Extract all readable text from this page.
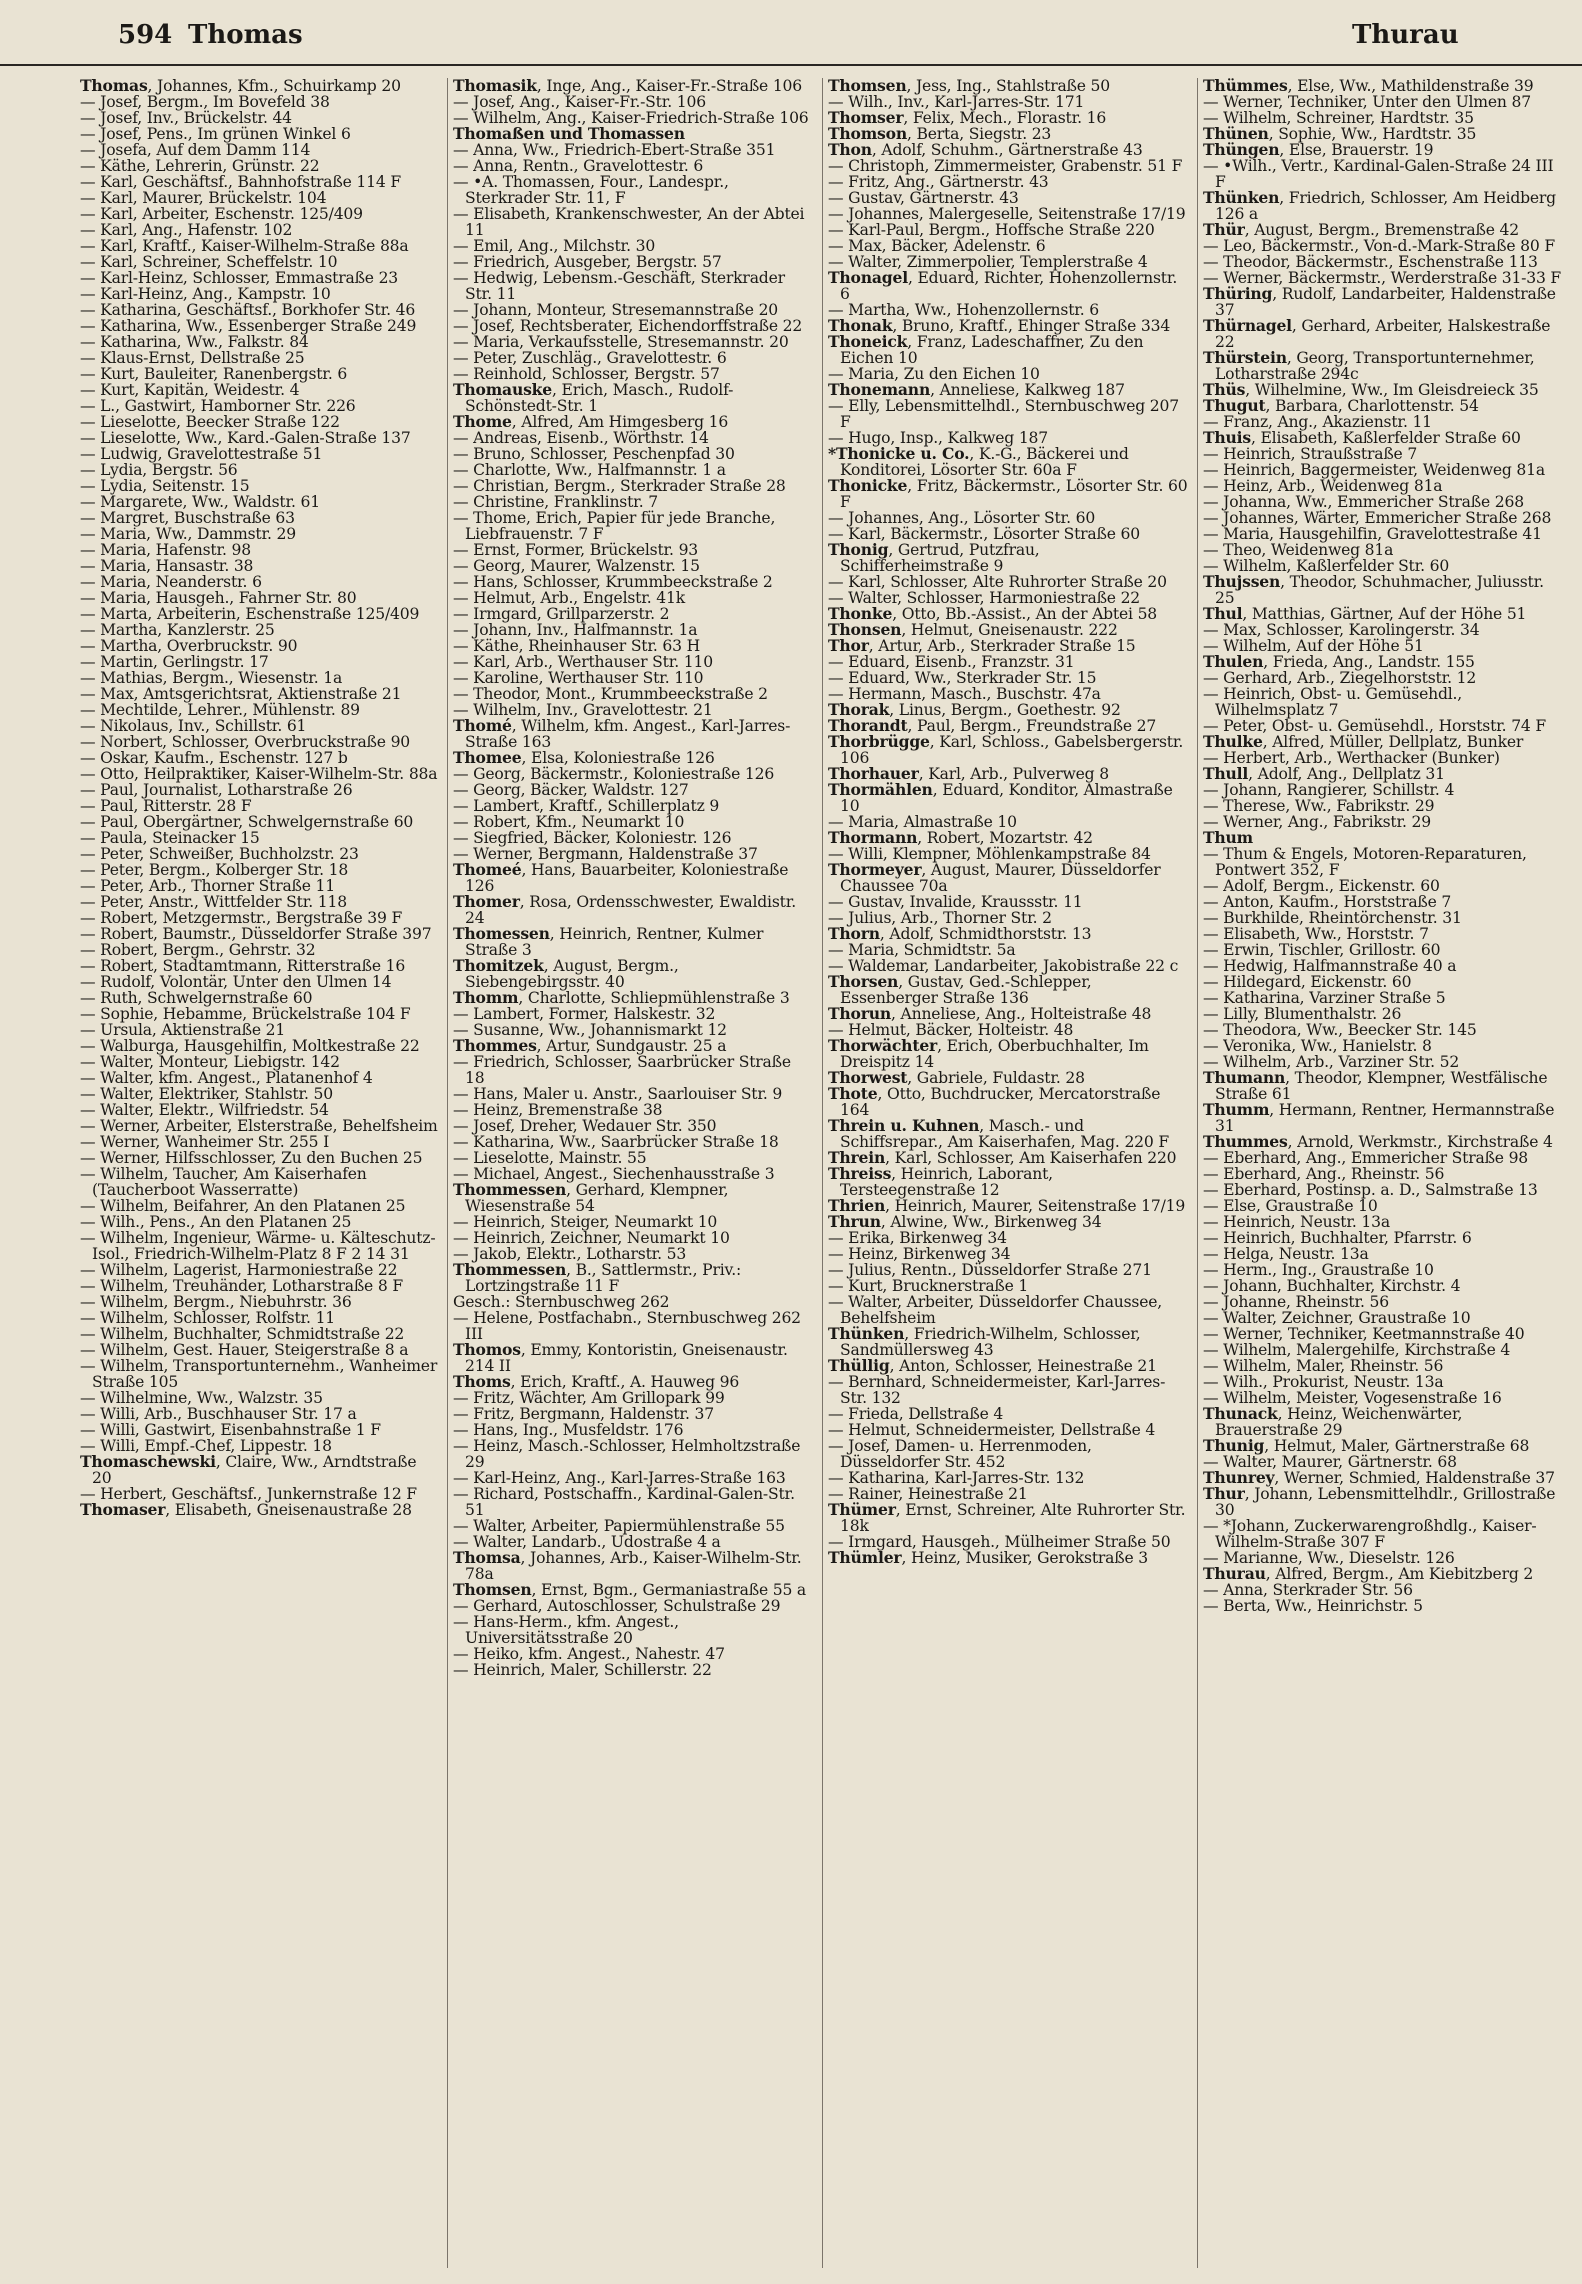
594 Thomas	Thurau
Thomas, Johannes, Kfm., Schuirkamp 20
— Josef, Bergm., Im Bovefeld 38
— Josef, Inv., Brückelstr. 44
— Josef, Pens., Im grünen Winkel 6
— Josefa, Auf dem Damm 114
— Käthe, Lehrerin, Grünstr. 22
— Karl, Geschäftsf., Bahnhofstraße 114 F
— Karl, Maurer, Brückelstr. 104
— Karl, Arbeiter, Eschenstr. 125/409
— Karl, Ang., Hafenstr. 102
— Karl, Kraftf., Kaiser-Wilhelm-Straße 88a
— Karl, Schreiner, Scheffelstr. 10
— Karl-Heinz, Schlosser, Emmastraße 23
— Karl-Heinz, Ang., Kampstr. 10
— Katharina, Geschäftsf., Borkhofer Str. 46
— Katharina, Ww., Essenberger Straße 249
— Katharina, Ww., Falkstr. 84
— Klaus-Ernst, Dellstraße 25
— Kurt, Bauleiter, Ranenbergstr. 6
— Kurt, Kapitän, Weidestr. 4
— L., Gastwirt, Hamborner Str. 226
— Lieselotte, Beecker Straße 122
— Lieselotte, Ww., Kard.-Galen-Straße 137
— Ludwig, Gravelottestraße 51
— Lydia, Bergstr. 56
— Lydia, Seitenstr. 15
— Margarete, Ww., Waldstr. 61
— Margret, Buschstraße 63
— Maria, Ww., Dammstr. 29
— Maria, Hafenstr. 98
— Maria, Hansastr. 38
— Maria, Neanderstr. 6
— Maria, Hausgeh., Fahrner Str. 80
— Marta, Arbeiterin, Eschenstraße 125/409
— Martha, Kanzlerstr. 25
— Martha, Overbruckstr. 90
— Martin, Gerlingstr. 17
— Mathias, Bergm., Wiesenstr. 1a
— Max, Amtsgerichtsrat, Aktienstraße 21
— Mechtilde, Lehrer., Mühlenstr. 89
— Nikolaus, Inv., Schillstr. 61
— Norbert, Schlosser, Overbruckstraße 90
— Oskar, Kaufm., Eschenstr. 127 b
— Otto, Heilpraktiker, Kaiser-Wilhelm-Str. 88a
— Paul, Journalist, Lotharstraße 26
— Paul, Ritterstr. 28 F
— Paul, Obergärtner, Schwelgernstraße 60
— Paula, Steinacker 15
— Peter, Schweißer, Buchholzstr. 23
— Peter, Bergm., Kolberger Str. 18
— Peter, Arb., Thorner Straße 11
— Peter, Anstr., Wittfelder Str. 118
— Robert, Metzgermstr., Bergstraße 39 F
— Robert, Baumstr., Düsseldorfer Straße 397
— Robert, Bergm., Gehrstr. 32
— Robert, Stadtamtmann, Ritterstraße 16
— Rudolf, Volontär, Unter den Ulmen 14
— Ruth, Schwelgernstraße 60
— Sophie, Hebamme, Brückelstraße 104 F
— Ursula, Aktienstraße 21
— Walburga, Hausgehilfin, Moltkestraße 22
— Walter, Monteur, Liebigstr. 142
— Walter, kfm. Angest., Platanenhof 4
— Walter, Elektriker, Stahlstr. 50
— Walter, Elektr., Wilfriedstr. 54
— Werner, Arbeiter, Elsterstraße, Behelfsheim
— Werner, Wanheimer Str. 255 I
— Werner, Hilfsschlosser, Zu den Buchen 25
— Wilhelm, Taucher, Am Kaiserhafen (Taucherboot Wasserratte)
— Wilhelm, Beifahrer, An den Platanen 25
— Wilh., Pens., An den Platanen 25
— Wilhelm, Ingenieur, Wärme- u. Kälteschutz-Isol., Friedrich-Wilhelm-Platz 8 F 2 14 31
— Wilhelm, Lagerist, Harmoniestraße 22
— Wilhelm, Treuhänder, Lotharstraße 8 F
— Wilhelm, Bergm., Niebuhrstr. 36
— Wilhelm, Schlosser, Rolfstr. 11
— Wilhelm, Buchhalter, Schmidtstraße 22
— Wilhelm, Gest. Hauer, Steigerstraße 8 a
— Wilhelm, Transportunternehm., Wanheimer Straße 105
— Wilhelmine, Ww., Walzstr. 35
— Willi, Arb., Buschhauser Str. 17 a
— Willi, Gastwirt, Eisenbahnstraße 1 F
— Willi, Empf.-Chef, Lippestr. 18
Thomaschewski, Claire, Ww., Arndtstraße 20
— Herbert, Geschäftsf., Junkernstraße 12 F
Thomaser, Elisabeth, Gneisenaustraße 28
Thomasik, Inge, Ang., Kaiser-Fr.-Straße 106
— Josef, Ang., Kaiser-Fr.-Str. 106
— Wilhelm, Ang., Kaiser-Friedrich-Straße 106
Thomaßen und Thomassen
— Anna, Ww., Friedrich-Ebert-Straße 351
— Anna, Rentn., Gravelottestr. 6
— •A. Thomassen, Four., Landespr., Sterkrader Str. 11, F
— Elisabeth, Krankenschwester, An der Abtei 11
— Emil, Ang., Milchstr. 30
— Friedrich, Ausgeber, Bergstr. 57
— Hedwig, Lebensm.-Geschäft, Sterkrader Str. 11
— Johann, Monteur, Stresemannstraße 20
— Josef, Rechtsberater, Eichendorffstraße 22
— Maria, Verkaufsstelle, Stresemannstr. 20
— Peter, Zuschläg., Gravelottestr. 6
— Reinhold, Schlosser, Bergstr. 57
Thomauske, Erich, Masch., Rudolf-Schönstedt-Str. 1
Thome, Alfred, Am Himgesberg 16
— Andreas, Eisenb., Wörthstr. 14
— Bruno, Schlosser, Peschenpfad 30
— Charlotte, Ww., Halfmannstr. 1 a
— Christian, Bergm., Sterkrader Straße 28
— Christine, Franklinstr. 7
— Thome, Erich, Papier für jede Branche, Liebfrauenstr. 7 F
— Ernst, Former, Brückelstr. 93
— Georg, Maurer, Walzenstr. 15
— Hans, Schlosser, Krummbeeckstraße 2
— Helmut, Arb., Engelstr. 41k
— Irmgard, Grillparzerstr. 2
— Johann, Inv., Halfmannstr. 1a
— Käthe, Rheinhauser Str. 63 H
— Karl, Arb., Werthauser Str. 110
— Karoline, Werthauser Str. 110
— Theodor, Mont., Krummbeeckstraße 2
— Wilhelm, Inv., Gravelottestr. 21
Thomé, Wilhelm, kfm. Angest., Karl-Jarres-Straße 163
Thomee, Elsa, Koloniestraße 126
— Georg, Bäckermstr., Koloniestraße 126
— Georg, Bäcker, Waldstr. 127
— Lambert, Kraftf., Schillerplatz 9
— Robert, Kfm., Neumarkt 10
— Siegfried, Bäcker, Koloniestr. 126
— Werner, Bergmann, Haldenstraße 37
Thomeé, Hans, Bauarbeiter, Koloniestraße 126
Thomer, Rosa, Ordensschwester, Ewaldistr. 24
Thomessen, Heinrich, Rentner, Kulmer Straße 3
Thomitzek, August, Bergm., Siebengebirgsstr. 40
Thomm, Charlotte, Schliepmühlenstraße 3
— Lambert, Former, Halskestr. 32
— Susanne, Ww., Johannismarkt 12
Thommes, Artur, Sundgaustr. 25 a
— Friedrich, Schlosser, Saarbrücker Straße 18
— Hans, Maler u. Anstr., Saarlouiser Str. 9
— Heinz, Bremenstraße 38
— Josef, Dreher, Wedauer Str. 350
— Katharina, Ww., Saarbrücker Straße 18
— Lieselotte, Mainstr. 55
— Michael, Angest., Siechenhausstraße 3
Thommessen, Gerhard, Klempner, Wiesenstraße 54
— Heinrich, Steiger, Neumarkt 10
— Heinrich, Zeichner, Neumarkt 10
— Jakob, Elektr., Lotharstr. 53
Thommessen, B., Sattlermstr., Priv.: Lortzingstraße 11 F
Gesch.: Sternbuschweg 262
— Helene, Postfachabn., Sternbuschweg 262 III
Thomos, Emmy, Kontoristin, Gneisenaustr. 214 II
Thoms, Erich, Kraftf., A. Hauweg 96
— Fritz, Wächter, Am Grillopark 99
— Fritz, Bergmann, Haldenstr. 37
— Hans, Ing., Musfeldstr. 176
— Heinz, Masch.-Schlosser, Helmholtzstraße 29
— Karl-Heinz, Ang., Karl-Jarres-Straße 163
— Richard, Postschaffn., Kardinal-Galen-Str. 51
— Walter, Arbeiter, Papiermühlenstraße 55
— Walter, Landarb., Udostraße 4 a
Thomsa, Johannes, Arb., Kaiser-Wilhelm-Str. 78a
Thomsen, Ernst, Bgm., Germaniastraße 55 a
— Gerhard, Autoschlosser, Schulstraße 29
— Hans-Herm., kfm. Angest., Universitätsstraße 20
— Heiko, kfm. Angest., Nahestr. 47
— Heinrich, Maler, Schillerstr. 22
Thomsen, Jess, Ing., Stahlstraße 50
— Wilh., Inv., Karl-Jarres-Str. 171
Thomser, Felix, Mech., Florastr. 16
Thomson, Berta, Siegstr. 23
Thon, Adolf, Schuhm., Gärtnerstraße 43
— Christoph, Zimmermeister, Grabenstr. 51 F
— Fritz, Ang., Gärtnerstr. 43
— Gustav, Gärtnerstr. 43
— Johannes, Malergeselle, Seitenstraße 17/19
— Karl-Paul, Bergm., Hoffsche Straße 220
— Max, Bäcker, Adelenstr. 6
— Walter, Zimmerpolier, Templerstraße 4
Thonagel, Eduard, Richter, Hohenzollernstr. 6
— Martha, Ww., Hohenzollernstr. 6
Thonak, Bruno, Kraftf., Ehinger Straße 334
Thoneick, Franz, Ladeschaffner, Zu den Eichen 10
— Maria, Zu den Eichen 10
Thonemann, Anneliese, Kalkweg 187
— Elly, Lebensmittelhdl., Sternbuschweg 207 F
— Hugo, Insp., Kalkweg 187
*Thonicke u. Co., K.-G., Bäckerei und Konditorei, Lösorter Str. 60a F
Thonicke, Fritz, Bäckermstr., Lösorter Str. 60 F
— Johannes, Ang., Lösorter Str. 60
— Karl, Bäckermstr., Lösorter Straße 60
Thonig, Gertrud, Putzfrau, Schifferheimstraße 9
— Karl, Schlosser, Alte Ruhrorter Straße 20
— Walter, Schlosser, Harmoniestraße 22
Thonke, Otto, Bb.-Assist., An der Abtei 58
Thonsen, Helmut, Gneisenaustr. 222
Thor, Artur, Arb., Sterkrader Straße 15
— Eduard, Eisenb., Franzstr. 31
— Eduard, Ww., Sterkrader Str. 15
— Hermann, Masch., Buschstr. 47a
Thorak, Linus, Bergm., Goethestr. 92
Thorandt, Paul, Bergm., Freundstraße 27
Thorbrügge, Karl, Schloss., Gabelsbergerstr. 106
Thorhauer, Karl, Arb., Pulverweg 8
Thormählen, Eduard, Konditor, Almastraße 10
— Maria, Almastraße 10
Thormann, Robert, Mozartstr. 42
— Willi, Klempner, Möhlenkampstraße 84
Thormeyer, August, Maurer, Düsseldorfer Chaussee 70a
— Gustav, Invalide, Kraussstr. 11
— Julius, Arb., Thorner Str. 2
Thorn, Adolf, Schmidthorststr. 13
— Maria, Schmidtstr. 5a
— Waldemar, Landarbeiter, Jakobistraße 22 c
Thorsen, Gustav, Ged.-Schlepper, Essenberger Straße 136
Thorun, Anneliese, Ang., Holteistraße 48
— Helmut, Bäcker, Holteistr. 48
Thorwächter, Erich, Oberbuchhalter, Im Dreispitz 14
Thorwest, Gabriele, Fuldastr. 28
Thote, Otto, Buchdrucker, Mercatorstraße 164
Threin u. Kuhnen, Masch.- und Schiffsrepar., Am Kaiserhafen, Mag. 220 F
Threin, Karl, Schlosser, Am Kaiserhafen 220
Threiss, Heinrich, Laborant, Tersteegenstraße 12
Thrien, Heinrich, Maurer, Seitenstraße 17/19
Thrun, Alwine, Ww., Birkenweg 34
— Erika, Birkenweg 34
— Heinz, Birkenweg 34
— Julius, Rentn., Düsseldorfer Straße 271
— Kurt, Brucknerstraße 1
— Walter, Arbeiter, Düsseldorfer Chaussee, Behelfsheim
Thünken, Friedrich-Wilhelm, Schlosser, Sandmüllersweg 43
Thüllig, Anton, Schlosser, Heinestraße 21
— Bernhard, Schneidermeister, Karl-Jarres-Str. 132
— Frieda, Dellstraße 4
— Helmut, Schneidermeister, Dellstraße 4
— Josef, Damen- u. Herrenmoden, Düsseldorfer Str. 452
— Katharina, Karl-Jarres-Str. 132
— Rainer, Heinestraße 21
Thümer, Ernst, Schreiner, Alte Ruhrorter Str. 18k
— Irmgard, Hausgeh., Mülheimer Straße 50
Thümler, Heinz, Musiker, Gerokstraße 3
Thümmes, Else, Ww., Mathildenstraße 39
— Werner, Techniker, Unter den Ulmen 87
— Wilhelm, Schreiner, Hardtstr. 35
Thünen, Sophie, Ww., Hardtstr. 35
Thüngen, Else, Brauerstr. 19
— •Wilh., Vertr., Kardinal-Galen-Straße 24 III F
Thünken, Friedrich, Schlosser, Am Heidberg 126 a
Thür, August, Bergm., Bremenstraße 42
— Leo, Bäckermstr., Von-d.-Mark-Straße 80 F
— Theodor, Bäckermstr., Eschenstraße 113
— Werner, Bäckermstr., Werderstraße 31-33 F
Thüring, Rudolf, Landarbeiter, Haldenstraße 37
Thürnagel, Gerhard, Arbeiter, Halskestraße 22
Thürstein, Georg, Transportunternehmer, Lotharstraße 294c
Thüs, Wilhelmine, Ww., Im Gleisdreieck 35
Thugut, Barbara, Charlottenstr. 54
— Franz, Ang., Akazienstr. 11
Thuis, Elisabeth, Kaßlerfelder Straße 60
— Heinrich, Straußstraße 7
— Heinrich, Baggermeister, Weidenweg 81a
— Heinz, Arb., Weidenweg 81a
— Johanna, Ww., Emmericher Straße 268
— Johannes, Wärter, Emmericher Straße 268
— Maria, Hausgehilfin, Gravelottestraße 41
— Theo, Weidenweg 81a
— Wilhelm, Kaßlerfelder Str. 60
Thujssen, Theodor, Schuhmacher, Juliusstr. 25
Thul, Matthias, Gärtner, Auf der Höhe 51
— Max, Schlosser, Karolingerstr. 34
— Wilhelm, Auf der Höhe 51
Thulen, Frieda, Ang., Landstr. 155
— Gerhard, Arb., Ziegelhorststr. 12
— Heinrich, Obst- u. Gemüsehdl., Wilhelmsplatz 7
— Peter, Obst- u. Gemüsehdl., Horststr. 74 F
Thulke, Alfred, Müller, Dellplatz, Bunker
— Herbert, Arb., Werthacker (Bunker)
Thull, Adolf, Ang., Dellplatz 31
— Johann, Rangierer, Schillstr. 4
— Therese, Ww., Fabrikstr. 29
— Werner, Ang., Fabrikstr. 29
Thum
— Thum & Engels, Motoren-Reparaturen, Pontwert 352, F
— Adolf, Bergm., Eickenstr. 60
— Anton, Kaufm., Horststraße 7
— Burkhilde, Rheintörchenstr. 31
— Elisabeth, Ww., Horststr. 7
— Erwin, Tischler, Grillostr. 60
— Hedwig, Halfmannstraße 40 a
— Hildegard, Eickenstr. 60
— Katharina, Varziner Straße 5
— Lilly, Blumenthalstr. 26
— Theodora, Ww., Beecker Str. 145
— Veronika, Ww., Hanielstr. 8
— Wilhelm, Arb., Varziner Str. 52
Thumann, Theodor, Klempner, Westfälische Straße 61
Thumm, Hermann, Rentner, Hermannstraße 31
Thummes, Arnold, Werkmstr., Kirchstraße 4
— Eberhard, Ang., Emmericher Straße 98
— Eberhard, Ang., Rheinstr. 56
— Eberhard, Postinsp. a. D., Salmstraße 13
— Else, Graustraße 10
— Heinrich, Neustr. 13a
— Heinrich, Buchhalter, Pfarrstr. 6
— Helga, Neustr. 13a
— Herm., Ing., Graustraße 10
— Johann, Buchhalter, Kirchstr. 4
— Johanne, Rheinstr. 56
— Walter, Zeichner, Graustraße 10
— Werner, Techniker, Keetmannstraße 40
— Wilhelm, Malergehilfe, Kirchstraße 4
— Wilhelm, Maler, Rheinstr. 56
— Wilh., Prokurist, Neustr. 13a
— Wilhelm, Meister, Vogesenstraße 16
Thunack, Heinz, Weichenwärter, Brauerstraße 29
Thunig, Helmut, Maler, Gärtnerstraße 68
— Walter, Maurer, Gärtnerstr. 68
Thunrey, Werner, Schmied, Haldenstraße 37
Thur, Johann, Lebensmittelhdlr., Grillostraße 30
— *Johann, Zuckerwarengroßhdlg., Kaiser-Wilhelm-Straße 307 F
— Marianne, Ww., Dieselstr. 126
Thurau, Alfred, Bergm., Am Kiebitzberg 2
— Anna, Sterkrader Str. 56
— Berta, Ww., Heinrichstr. 5
